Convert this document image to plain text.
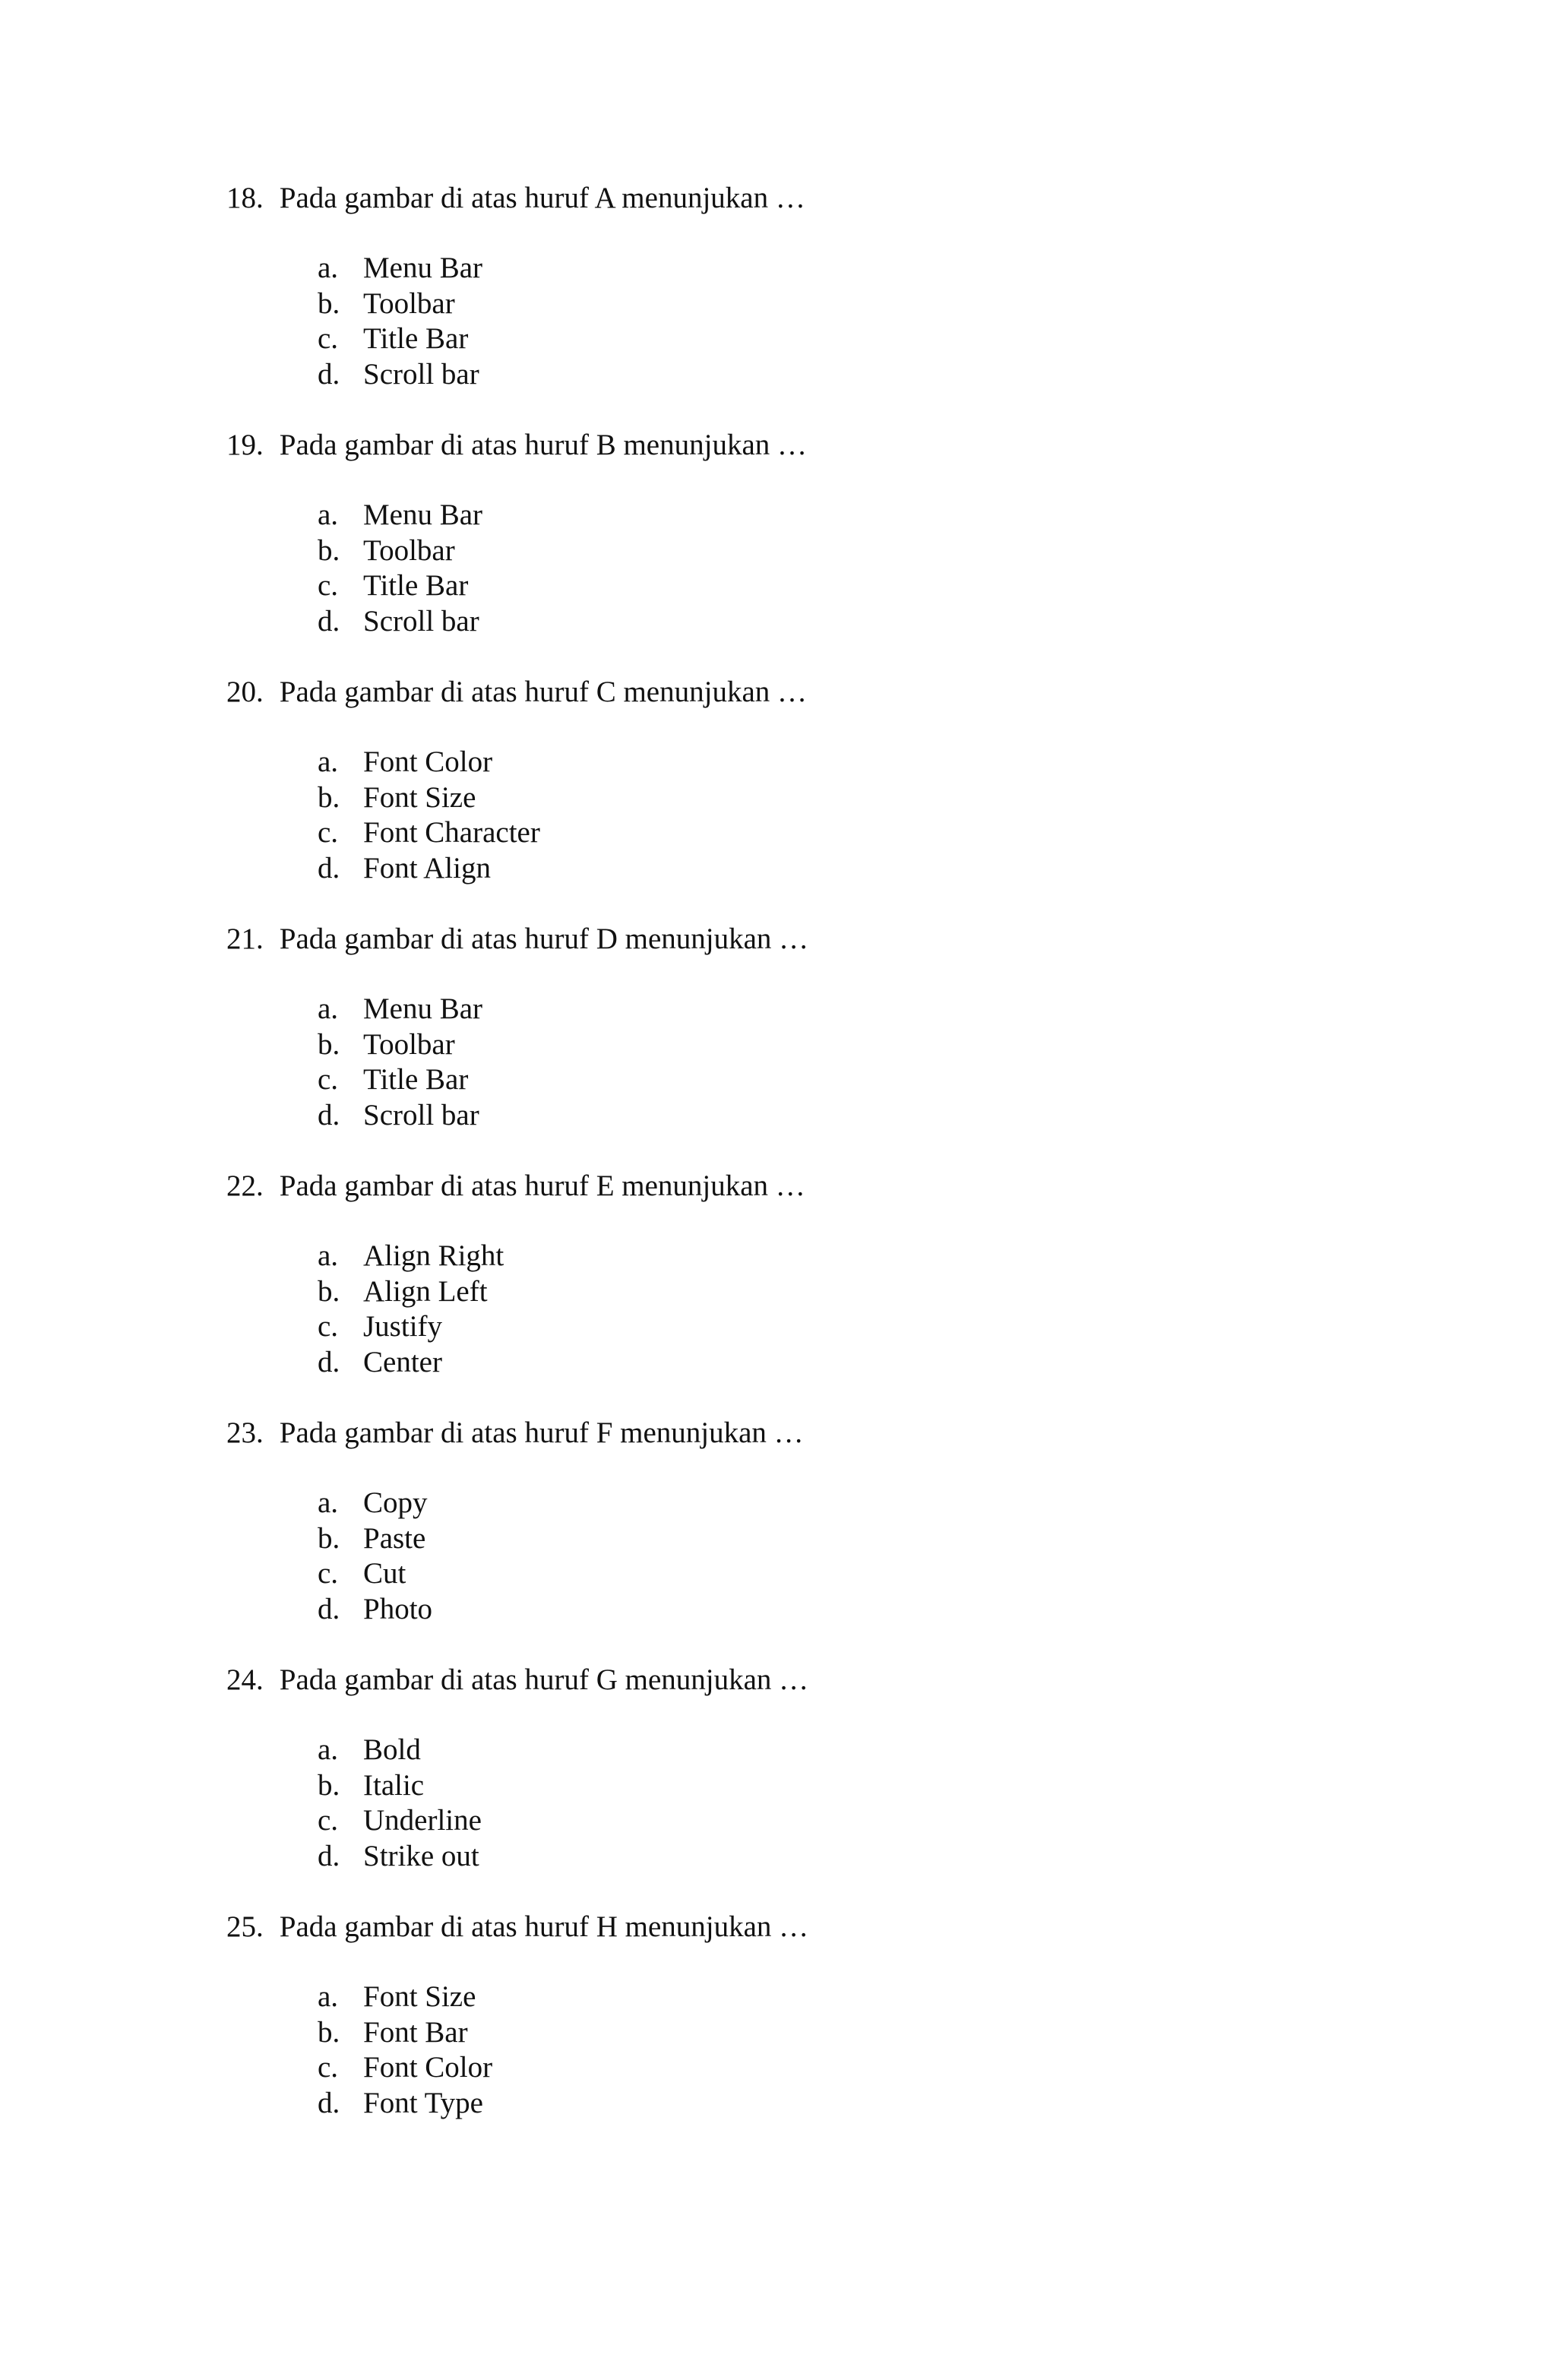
18. Pada gambar di atas huruf A menunjukan …
a. Menu Bar
b. Toolbar
c. Title Bar
d. Scroll bar
19. Pada gambar di atas huruf B menunjukan …
a. Menu Bar
b. Toolbar
c. Title Bar
d. Scroll bar
20. Pada gambar di atas huruf C menunjukan …
a. Font Color
b. Font Size
c. Font Character
d. Font Align
21. Pada gambar di atas huruf D menunjukan …
a. Menu Bar
b. Toolbar
c. Title Bar
d. Scroll bar
22. Pada gambar di atas huruf E menunjukan …
a. Align Right
b. Align Left
c. Justify
d. Center
23. Pada gambar di atas huruf F menunjukan …
a. Copy
b. Paste
c. Cut
d. Photo
24. Pada gambar di atas huruf G menunjukan …
a. Bold
b. Italic
c. Underline
d. Strike out
25. Pada gambar di atas huruf H menunjukan …
a. Font Size
b. Font Bar
c. Font Color
d. Font Type
